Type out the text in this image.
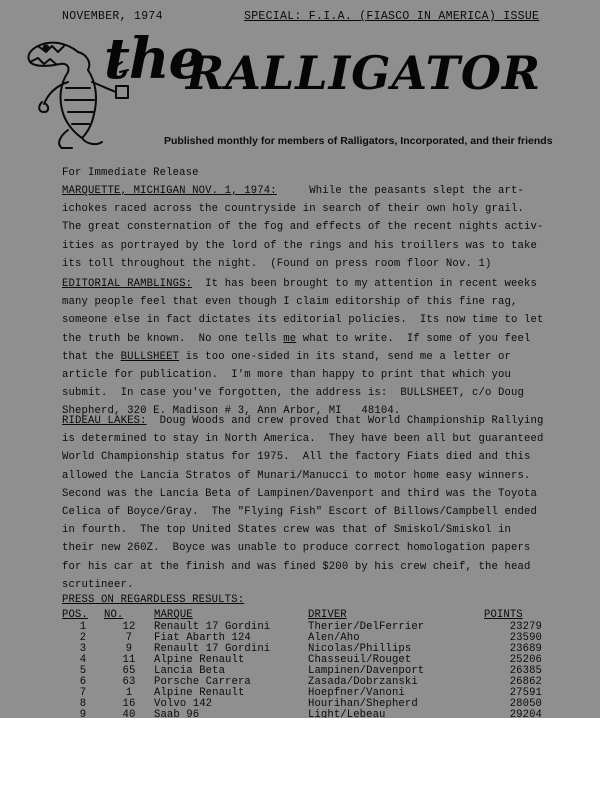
NOVEMBER, 1974	SPECIAL: F.I.A. (FIASCO IN AMERICA) ISSUE
the
RALLIGATOR
Published monthly for members of Ralligators, Incorporated, and their friends
For Immediate Release
MARQUETTE, MICHIGAN NOV. 1, 1974:     While the peasants slept the art-
ichokes raced across the countryside in search of their own holy grail.
The great consternation of the fog and effects of the recent nights activ-
ities as portrayed by the lord of the rings and his troillers was to take
its toll throughout the night.  (Found on press room floor Nov. 1)
EDITORIAL RAMBLINGS:  It has been brought to my attention in recent weeks
many people feel that even though I claim editorship of this fine rag,
someone else in fact dictates its editorial policies.  Its now time to let
the truth be known.  No one tells me what to write.  If some of you feel
that the BULLSHEET is too one-sided in its stand, send me a letter or
article for publication.  I'm more than happy to print that which you
submit.  In case you've forgotten, the address is:  BULLSHEET, c/o Doug
Shepherd, 320 E. Madison # 3, Ann Arbor, MI   48104.
RIDEAU LAKES:  Doug Woods and crew proved that World Championship Rallying
is determined to stay in North America.  They have been all but guaranteed
World Championship status for 1975.  All the factory Fiats died and this
allowed the Lancia Stratos of Munari/Manucci to motor home easy winners.
Second was the Lancia Beta of Lampinen/Davenport and third was the Toyota
Celica of Boyce/Gray.  The "Flying Fish" Escort of Billows/Campbell ended
in fourth.  The top United States crew was that of Smiskol/Smiskol in
their new 260Z.  Boyce was unable to produce correct homologation papers
for his car at the finish and was fined $200 by his crew cheif, the head
scrutineer.
PRESS ON REGARDLESS RESULTS:
POS.	NO.	MARQUE	DRIVER	POINTS
1	12	Renault 17 Gordini	Therier/DelFerrier	23279
2	7	Fiat Abarth 124	Alen/Aho	23590
3	9	Renault 17 Gordini	Nicolas/Phillips	23689
4	11	Alpine Renault	Chasseuil/Rouget	25206
5	65	Lancia Beta	Lampinen/Davenport	26385
6	63	Porsche Carrera	Zasada/Dobrzanski	26862
7	1	Alpine Renault	Hoepfner/Vanoni	27591
8	16	Volvo 142	Hourihan/Shepherd	28050
9	40	Saab 96	Light/Lebeau	29204
